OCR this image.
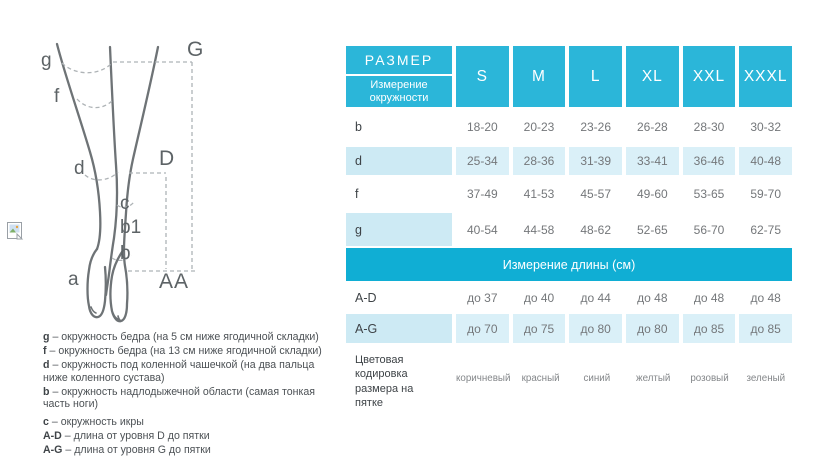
g
f
d
c
b1
b
a
G
D
AA

g – окружность бедра (на 5 см ниже ягодичной складки)

f – окружность бедра (на 13 см ниже ягодичной складки)

d – окружность под коленной чашечкой (на два пальца ниже коленного сустава)

b – окружность надлодыжечной области (самая тонкая часть ноги)

c – окружность икры

A-D – длина от уровня D до пятки

A-G – длина от уровня G до пятки

РАЗМЕР
Измерение окружности
S	M	L	XL	XXL	XXXL
b	18-20	20-23	23-26	26-28	28-30	30-32
d	25-34	28-36	31-39	33-41	36-46	40-48
f	37-49	41-53	45-57	49-60	53-65	59-70
g	40-54	44-58	48-62	52-65	56-70	62-75
Измерение длины (см)
A-D	до 37	до 40	до 44	до 48	до 48	до 48
A-G	до 70	до 75	до 80	до 80	до 85	до 85
Цветовая кодировка размера на пятке
коричневый	красный	синий	желтый	розовый	зеленый
